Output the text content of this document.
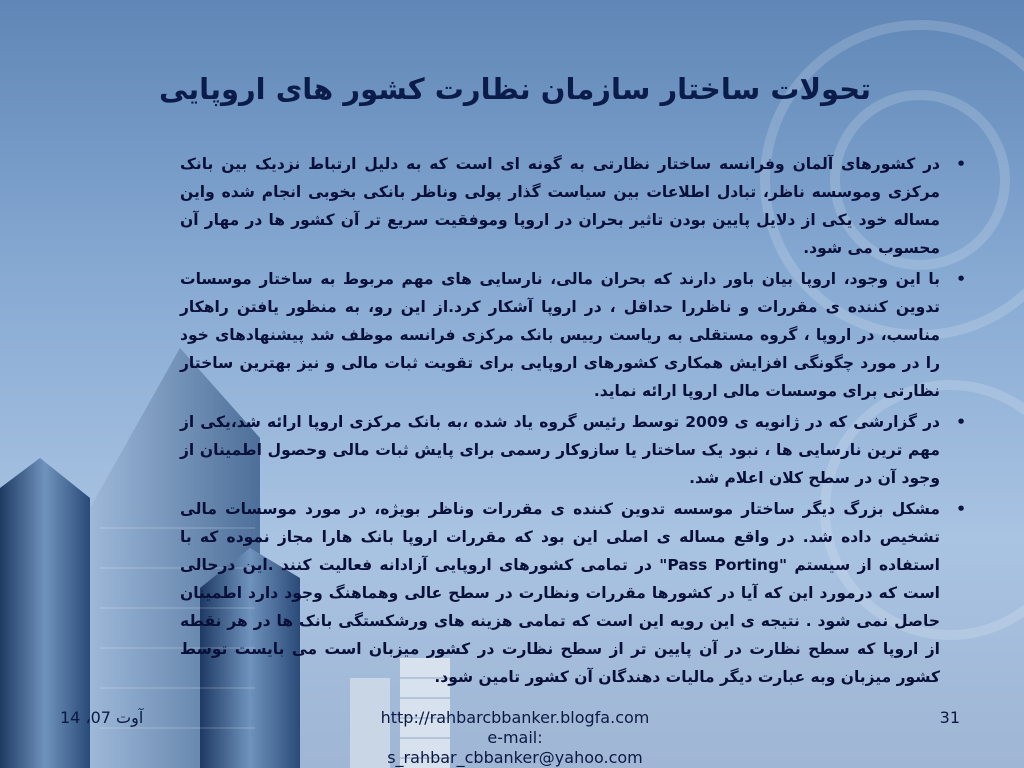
تحولات ساختار سازمان نظارت کشور های اروپایی
• در کشورهای آلمان وفرانسه ساختار نظارتی به گونه ای است که به دلیل ارتباط نزدیک بین بانک مرکزی وموسسه ناظر، تبادل اطلاعات بین سیاست گذار پولی وناظر بانکی بخوبی انجام شده واین مساله خود یکی از دلایل پایین بودن تاثیر بحران در اروپا وموفقیت سریع تر آن کشور ها در مهار آن محسوب می شود.
• با این وجود، اروپا بیان باور دارند که بحران مالی، نارسایی های مهم مربوط به ساختار موسسات تدوین کننده ی مقررات و ناظررا حداقل ، در اروپا آشکار کرد.از این رو، به منظور یافتن راهکار مناسب، در اروپا ، گروه مستقلی به ریاست رییس بانک مرکزی فرانسه موظف شد پیشنهادهای خود را در مورد چگونگی افزایش همکاری کشورهای اروپایی برای تقویت ثبات مالی و نیز بهترین ساختار نظارتی برای موسسات مالی اروپا ارائه نماید.
• در گزارشی که در ژانویه ی 2009 توسط رئیس گروه یاد شده ،به بانک مرکزی اروپا ارائه شد،یکی از مهم ترین نارسایی ها ، نبود یک ساختار یا سازوکار رسمی برای پایش ثبات مالی وحصول اطمینان از وجود آن در سطح کلان اعلام شد.
• مشکل بزرگ دیگر ساختار موسسه تدوین کننده ی مقررات وناظر بویژه، در مورد موسسات مالی تشخیص داده شد. در واقع مساله ی اصلی این بود که مقررات اروپا بانک هارا مجاز نموده که با استفاده از سیستم "Pass Porting" در تمامی کشورهای اروپایی آزادانه فعالیت کنند .این درحالی است که درمورد این که آیا در کشورها مقررات ونظارت در سطح عالی وهماهنگ وجود دارد اطمینان حاصل نمی شود . نتیجه ی این رویه این است که تمامی هزینه های ورشکستگی بانک ها در هر نقطه از اروپا که سطح نظارت در آن پایین تر از سطح نظارت در کشور میزبان است می بایست توسط کشور میزبان وبه عبارت دیگر مالیات دهندگان آن کشور تامین شود.
آوت 07، 14	http://rahbarcbbanker.blogfa.com
e-mail:
s_rahbar_cbbanker@yahoo.com
31
